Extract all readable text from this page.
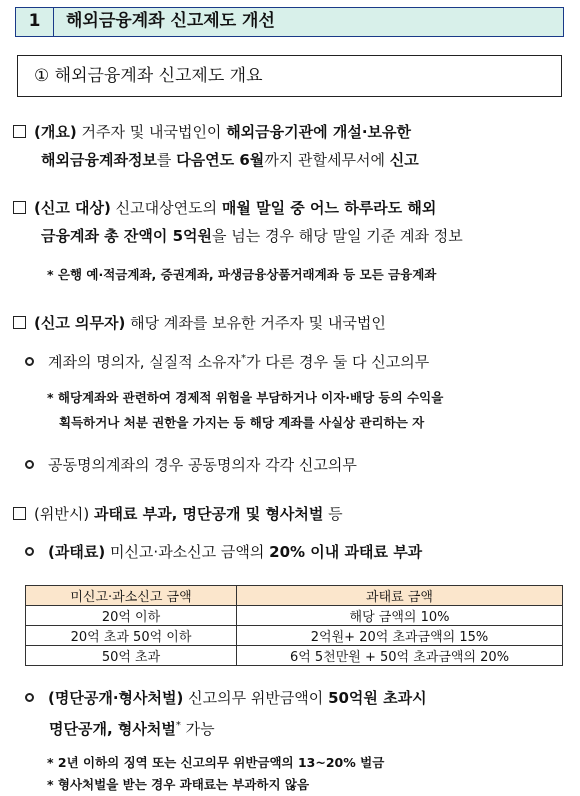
1	해외금융계좌 신고제도 개선
① 해외금융계좌 신고제도 개요
(개요) 거주자 및 내국법인이 해외금융기관에 개설·보유한
해외금융계좌정보를 다음연도 6월까지 관할세무서에 신고
(신고 대상) 신고대상연도의 매월 말일 중 어느 하루라도 해외
금융계좌 총 잔액이 5억원을 넘는 경우 해당 말일 기준 계좌 정보
* 은행 예·적금계좌, 증권계좌, 파생금융상품거래계좌 등 모든 금융계좌
(신고 의무자) 해당 계좌를 보유한 거주자 및 내국법인
계좌의 명의자, 실질적 소유자*가 다른 경우 둘 다 신고의무
* 해당계좌와 관련하여 경제적 위험을 부담하거나 이자·배당 등의 수익을
획득하거나 처분 권한을 가지는 등 해당 계좌를 사실상 관리하는 자
공동명의계좌의 경우 공동명의자 각각 신고의무
(위반시) 과태료 부과, 명단공개 및 형사처벌 등
(과태료) 미신고·과소신고 금액의 20% 이내 과태료 부과
미신고·과소신고 금액	과태료 금액
20억 이하	해당 금액의 10%
20억 초과 50억 이하	2억원+ 20억 초과금액의 15%
50억 초과	6억 5천만원 + 50억 초과금액의 20%
(명단공개·형사처벌) 신고의무 위반금액이 50억원 초과시
명단공개, 형사처벌* 가능
* 2년 이하의 징역 또는 신고의무 위반금액의 13~20% 벌금
* 형사처벌을 받는 경우 과태료는 부과하지 않음
